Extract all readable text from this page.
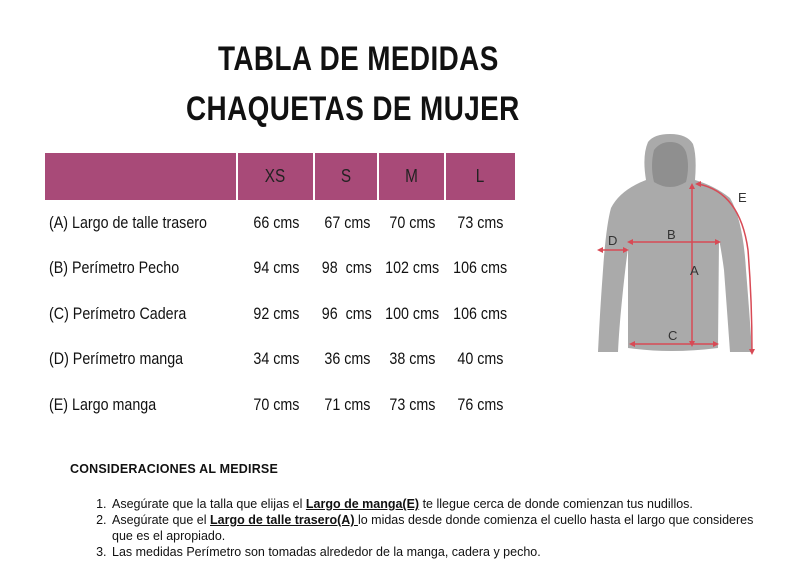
TABLA DE MEDIDAS
CHAQUETAS DE MUJER
XS	S	M	L
(A) Largo de talle trasero	66 cms	67 cms	70 cms	73 cms
(B) Perímetro Pecho	94 cms	98  cms 102 cms 106 cms
(C) Perímetro Cadera	92 cms	96  cms 100 cms 106 cms
(D) Perímetro manga	34 cms	36 cms	38 cms	40 cms
(E) Largo manga	70 cms	71 cms	73 cms	76 cms
A
B
C
D
E
CONSIDERACIONES AL MEDIRSE
1. Asegúrate que la talla que elijas el Largo de manga(E) te llegue cerca de donde comienzan tus nudillos.
2. Asegúrate que el Largo de talle trasero(A) lo midas desde donde comienza el cuello hasta el largo que consideres que es el apropiado.
3. Las medidas Perímetro son tomadas alrededor de la manga, cadera y pecho.
